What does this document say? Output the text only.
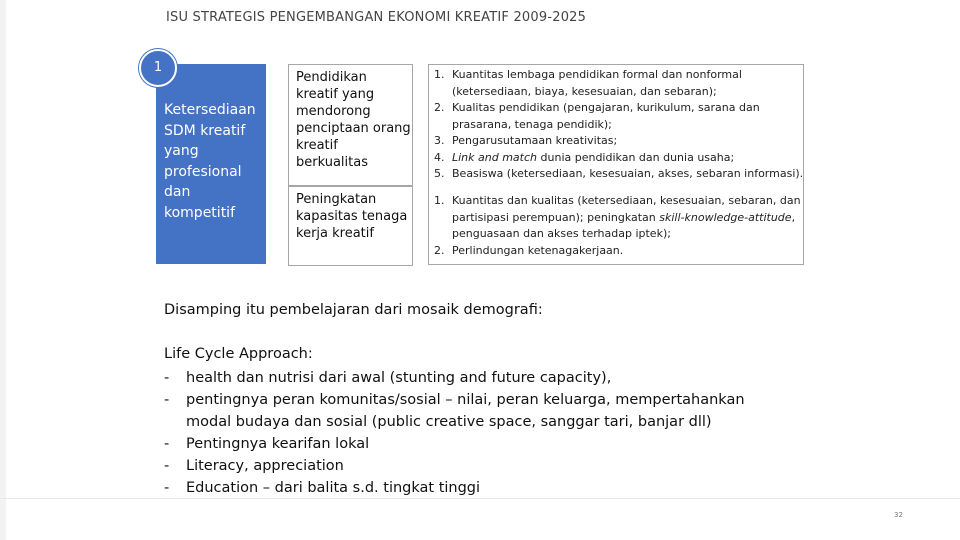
ISU STRATEGIS PENGEMBANGAN EKONOMI KREATIF 2009-2025
1
Ketersediaan
SDM kreatif
yang
profesional
dan
kompetitif
Pendidikan
kreatif yang
mendorong
penciptaan orang
kreatif
berkualitas
Peningkatan
kapasitas tenaga
kerja kreatif
1. Kuantitas lembaga pendidikan formal dan nonformal (ketersediaan, biaya, kesesuaian, dan sebaran);
2. Kualitas pendidikan (pengajaran, kurikulum, sarana dan prasarana, tenaga pendidik);
3. Pengarusutamaan kreativitas;
4. Link and match dunia pendidikan dan dunia usaha;
5. Beasiswa (ketersediaan, kesesuaian, akses, sebaran informasi).
1. Kuantitas dan kualitas (ketersediaan, kesesuaian, sebaran, dan partisipasi perempuan); peningkatan skill-knowledge-attitude, penguasaan dan akses terhadap iptek);
2. Perlindungan ketenagakerjaan.
Disamping itu pembelajaran dari mosaik demografi:
Life Cycle Approach:
-health dan nutrisi dari awal (stunting and future capacity),
- pentingnya peran komunitas/sosial – nilai, peran keluarga, mempertahankan modal budaya dan sosial (public creative space, sanggar tari, banjar dll)
- Pentingnya kearifan lokal
- Literacy, appreciation
- Education – dari balita s.d. tingkat tinggi
32
